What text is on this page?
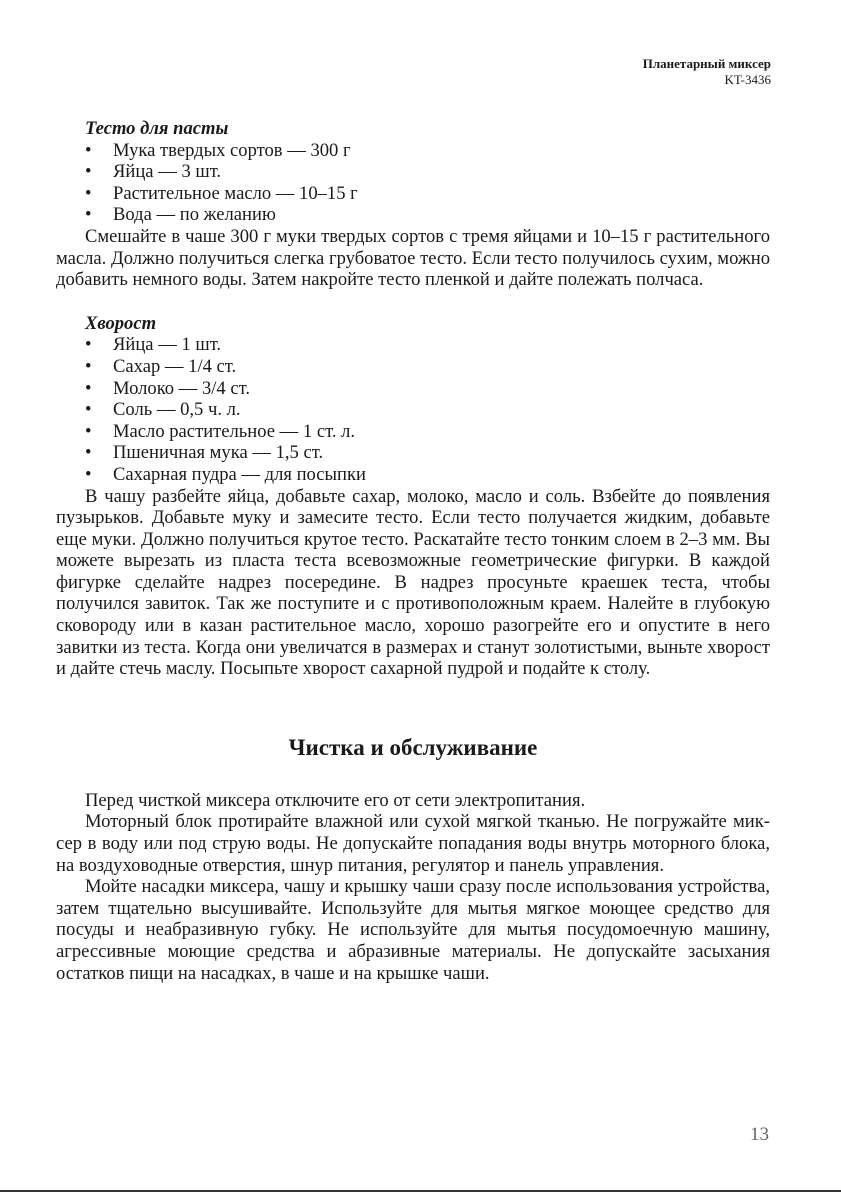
Планетарный миксер
KT-3436
Тесто для пасты
• Мука твердых сортов — 300 г
• Яйца — 3 шт.
• Растительное масло — 10–15 г
• Вода — по желанию

Смешайте в чаше 300 г муки твердых сортов с тремя яйцами и 10–15 г растительного масла. Должно получиться слегка грубоватое тесто. Если тесто получилось сухим, можно добавить немного воды. Затем накройте тесто пленкой и дайте полежать полчаса.

Хворост
• Яйца — 1 шт.
• Сахар — 1/4 ст.
• Молоко — 3/4 ст.
• Соль — 0,5 ч. л.
• Масло растительное — 1 ст. л.
• Пшеничная мука — 1,5 ст.
• Сахарная пудра — для посыпки

В чашу разбейте яйца, добавьте сахар, молоко, масло и соль. Взбейте до появления пузырьков. Добавьте муку и замесите тесто. Если тесто получается жидким, добавьте еще муки. Должно получиться крутое тесто. Раскатайте тесто тонким слоем в 2–3 мм. Вы можете вырезать из пласта теста всевозможные геометрические фигурки. В каждой фигурке сделайте надрез посередине. В надрез просуньте краешек теста, чтобы получился завиток. Так же поступите и с противоположным краем. Налейте в глубокую сковороду или в казан растительное масло, хорошо разогрейте его и опустите в него завитки из теста. Когда они увеличатся в размерах и станут золотистыми, выньте хворост и дайте стечь маслу. Посыпьте хворост сахарной пудрой и подайте к столу.

Чистка и обслуживание

Перед чисткой миксера отключите его от сети электропитания.

Моторный блок протирайте влажной или сухой мягкой тканью. Не погружайте миксер в воду или под струю воды. Не допускайте попадания воды внутрь моторного блока, на воздуховодные отверстия, шнур питания, регулятор и панель управления.

Мойте насадки миксера, чашу и крышку чаши сразу после использования устройства, затем тщательно высушивайте. Используйте для мытья мягкое моющее средство для посуды и неабразивную губку. Не используйте для мытья посудомоечную машину, агрессивные моющие средства и абразивные материалы. Не допускайте засыхания остатков пищи на насадках, в чаше и на крышке чаши.

13
